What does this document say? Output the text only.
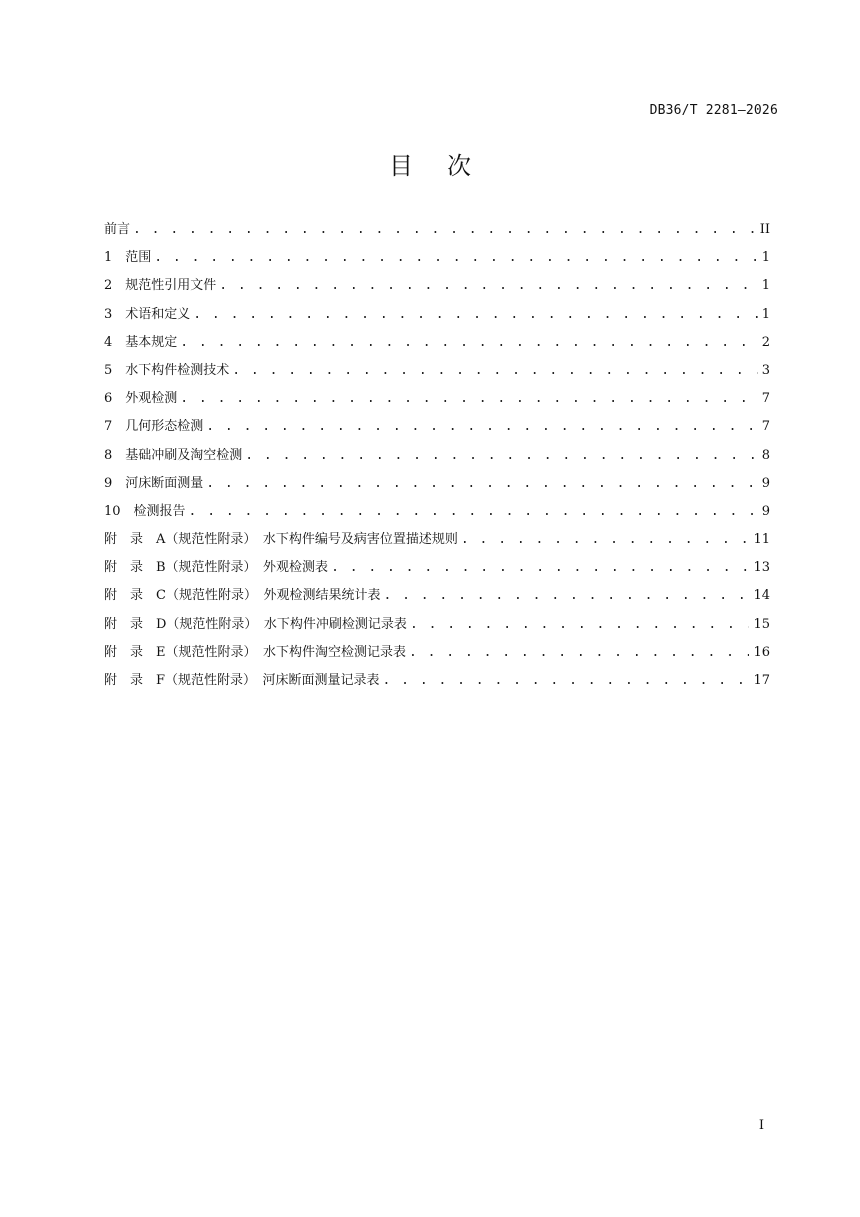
DB36/T 2281—2026
目次
前言 . . .	II
1　范围 . . .	1
2　规范性引用文件 . . .	1
3　术语和定义 . . .	1
4　基本规定 . . .	2
5　水下构件检测技术 . . .	3
6　外观检测 . . .	7
7　几何形态检测 . . .	7
8　基础冲刷及淘空检测 . . .	8
9　河床断面测量 . . .	9
10　检测报告 . . .	9
附　录　A（规范性附录）　水下构件编号及病害位置描述规则 . . .	11
附　录　B（规范性附录）　外观检测表 . . .	13
附　录　C（规范性附录）　外观检测结果统计表 . . .	14
附　录　D（规范性附录）　水下构件冲刷检测记录表 . . .	15
附　录　E（规范性附录）　水下构件淘空检测记录表 . . .	16
附　录　F（规范性附录）　河床断面测量记录表 . . .	17
I
